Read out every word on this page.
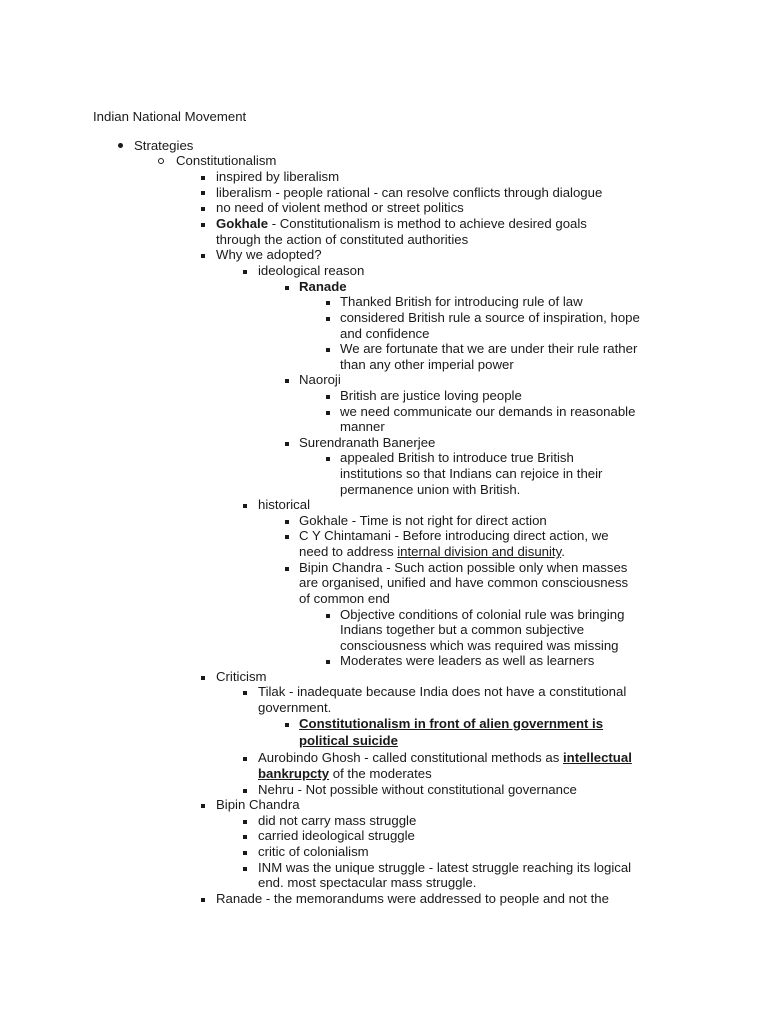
Indian National Movement
Strategies
Constitutionalism
inspired by liberalism
liberalism - people rational - can resolve conflicts through dialogue
no need of violent method or street politics
Gokhale - Constitutionalism is method to achieve desired goals
through the action of constituted authorities
Why we adopted?
ideological reason
Ranade
Thanked British for introducing rule of law
considered British rule a source of inspiration, hope
and confidence
We are fortunate that we are under their rule rather
than any other imperial power
Naoroji
British are justice loving people
we need communicate our demands in reasonable
manner
Surendranath Banerjee
appealed British to introduce true British
institutions so that Indians can rejoice in their
permanence union with British.
historical
Gokhale - Time is not right for direct action
C Y Chintamani - Before introducing direct action, we
need to address internal division and disunity.
Bipin Chandra - Such action possible only when masses
are organised, unified and have common consciousness
of common end
Objective conditions of colonial rule was bringing
Indians together but a common subjective
consciousness which was required was missing
Moderates were leaders as well as learners
Criticism
Tilak - inadequate because India does not have a constitutional
government.
Constitutionalism in front of alien government is
political suicide
Aurobindo Ghosh - called constitutional methods as intellectual
bankrupcty of the moderates
Nehru - Not possible without constitutional governance
Bipin Chandra
did not carry mass struggle
carried ideological struggle
critic of colonialism
INM was the unique struggle - latest struggle reaching its logical
end. most spectacular mass struggle.
Ranade - the memorandums were addressed to people and not the
